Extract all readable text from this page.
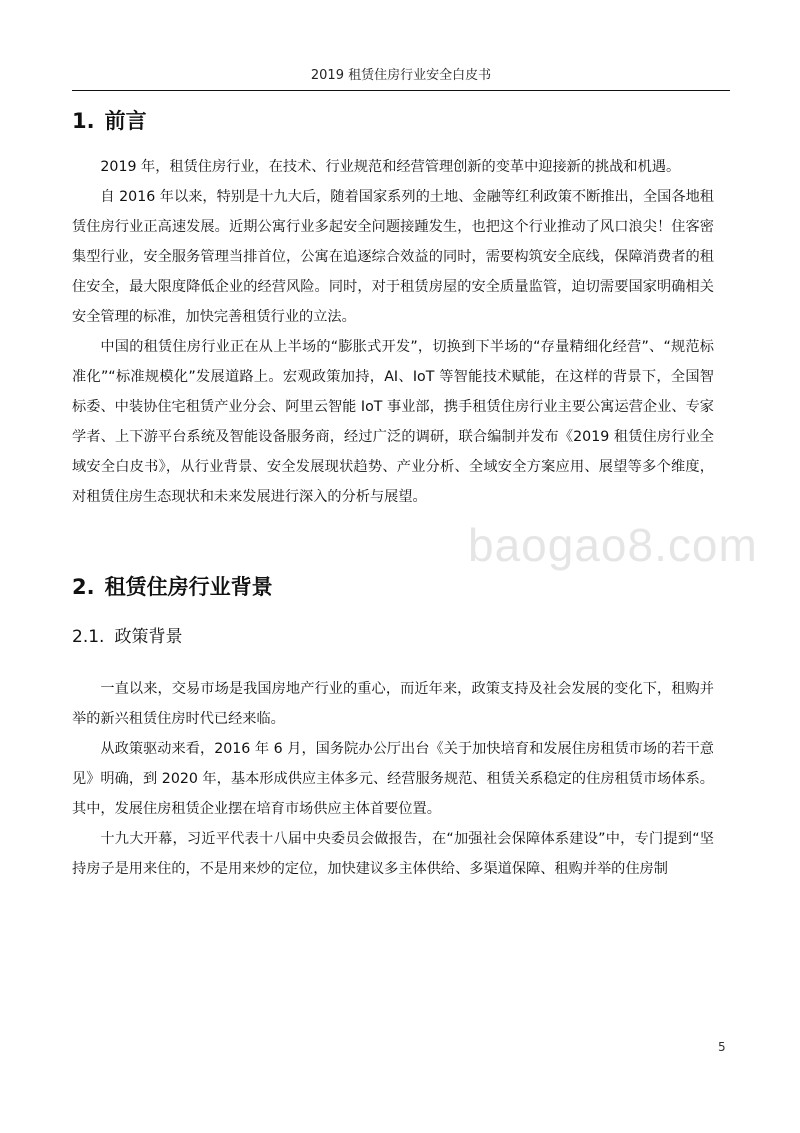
2019 租赁住房行业安全白皮书
1. 前言

2019 年，租赁住房行业，在技术、行业规范和经营管理创新的变革中迎接新的挑战和机遇。

自 2016 年以来，特别是十九大后，随着国家系列的土地、金融等红利政策不断推出，全国各地租赁住房行业正高速发展。近期公寓行业多起安全问题接踵发生，也把这个行业推动了风口浪尖！住客密集型行业，安全服务管理当排首位，公寓在追逐综合效益的同时，需要构筑安全底线，保障消费者的租住安全，最大限度降低企业的经营风险。同时，对于租赁房屋的安全质量监管，迫切需要国家明确相关安全管理的标准，加快完善租赁行业的立法。

中国的租赁住房行业正在从上半场的“膨胀式开发”，切换到下半场的“存量精细化经营”、“规范标准化”“标准规模化”发展道路上。宏观政策加持，AI、IoT 等智能技术赋能，在这样的背景下，全国智标委、中装协住宅租赁产业分会、阿里云智能 IoT 事业部，携手租赁住房行业主要公寓运营企业、专家学者、上下游平台系统及智能设备服务商，经过广泛的调研，联合编制并发布《2019 租赁住房行业全域安全白皮书》，从行业背景、安全发展现状趋势、产业分析、全域安全方案应用、展望等多个维度，对租赁住房生态现状和未来发展进行深入的分析与展望。

2. 租赁住房行业背景
2.1. 政策背景

一直以来，交易市场是我国房地产行业的重心，而近年来，政策支持及社会发展的变化下，租购并举的新兴租赁住房时代已经来临。

从政策驱动来看，2016 年 6 月，国务院办公厅出台《关于加快培育和发展住房租赁市场的若干意见》明确，到 2020 年，基本形成供应主体多元、经营服务规范、租赁关系稳定的住房租赁市场体系。其中，发展住房租赁企业摆在培育市场供应主体首要位置。

十九大开幕，习近平代表十八届中央委员会做报告，在“加强社会保障体系建设”中，专门提到“坚持房子是用来住的，不是用来炒的定位，加快建议多主体供给、多渠道保障、租购并举的住房制

baogao8.com
5
